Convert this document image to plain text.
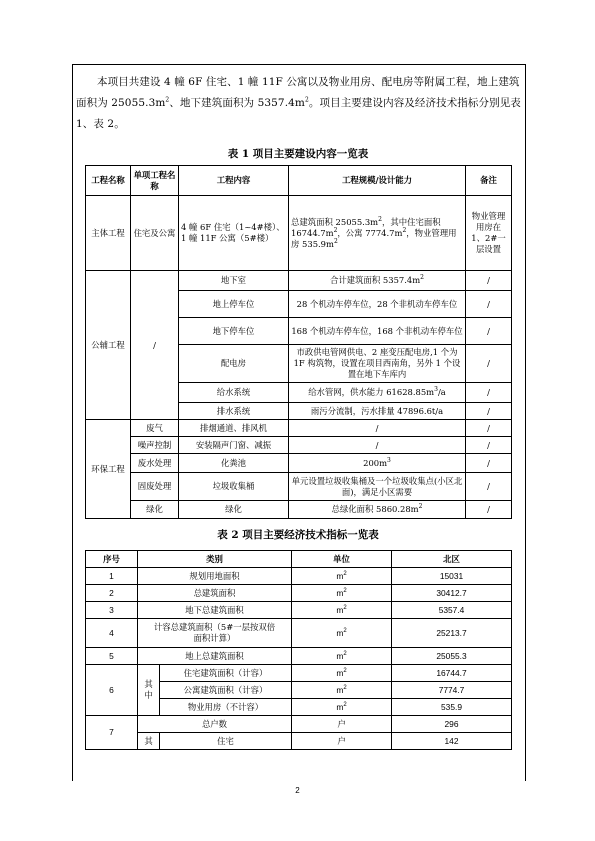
本项目共建设 4 幢 6F 住宅、1 幢 11F 公寓以及物业用房、配电房等附属工程，地上建筑面积为 $25055.3m^2$、地下建筑面积为 $5357.4m^2$。项目主要建设内容及经济技术指标分别见表 1、表 2。

表 1 项目主要建设内容一览表
工程名称	单项工程名称	工程内容	工程规模/设计能力	备注
主体工程	住宅及公寓	4 幢 6F 住宅（1~4#楼）、1 幢 11F 公寓（5#楼）	总建筑面积 $25055.3m^2$，其中住宅面积 $16744.7m^2$，公寓 $7774.7m^2$，物业管理用房 $535.9m^2$	物业管理用房在 1、2#一层设置
公辅工程	/	地下室	合计建筑面积 $5357.4m^2$	/
		地上停车位	28 个机动车停车位，28 个非机动车停车位	/
		地下停车位	168 个机动车停车位，168 个非机动车停车位	/
		配电房	市政供电管网供电、2 座变压配电房,1 个为 1F 构筑物，设置在项目西南角，另外 1 个设置在地下车库内	/
		给水系统	给水管网，供水能力 $61628.85m^3/a$	/
		排水系统	雨污分流制，污水排量 47896.6t/a	/
环保工程	废气	排烟通道、排风机	/	/
	噪声控制	安装隔声门窗、减振	/	/
	废水处理	化粪池	$200m^3$	/
	固废处理	垃圾收集桶	单元设置垃圾收集桶及一个垃圾收集点(小区北面)，满足小区需要	/
	绿化	绿化	总绿化面积 $5860.28m^2$	/
表 2 项目主要经济技术指标一览表
序号	类别		单位	北区
1	规划用地面积		$m^2$	15031
2	总建筑面积		$m^2$	30412.7
3	地下总建筑面积		$m^2$	5357.4
4	计容总建筑面积（5#一层按双倍面积计算）		$m^2$	25213.7
5	地上总建筑面积		$m^2$	25055.3
6	其中	住宅建筑面积（计容）	$m^2$	16744.7
		公寓建筑面积（计容）	$m^2$	7774.7
		物业用房（不计容）	$m^2$	535.9
7	总户数		户	296
	其	住宅	户	142
2
